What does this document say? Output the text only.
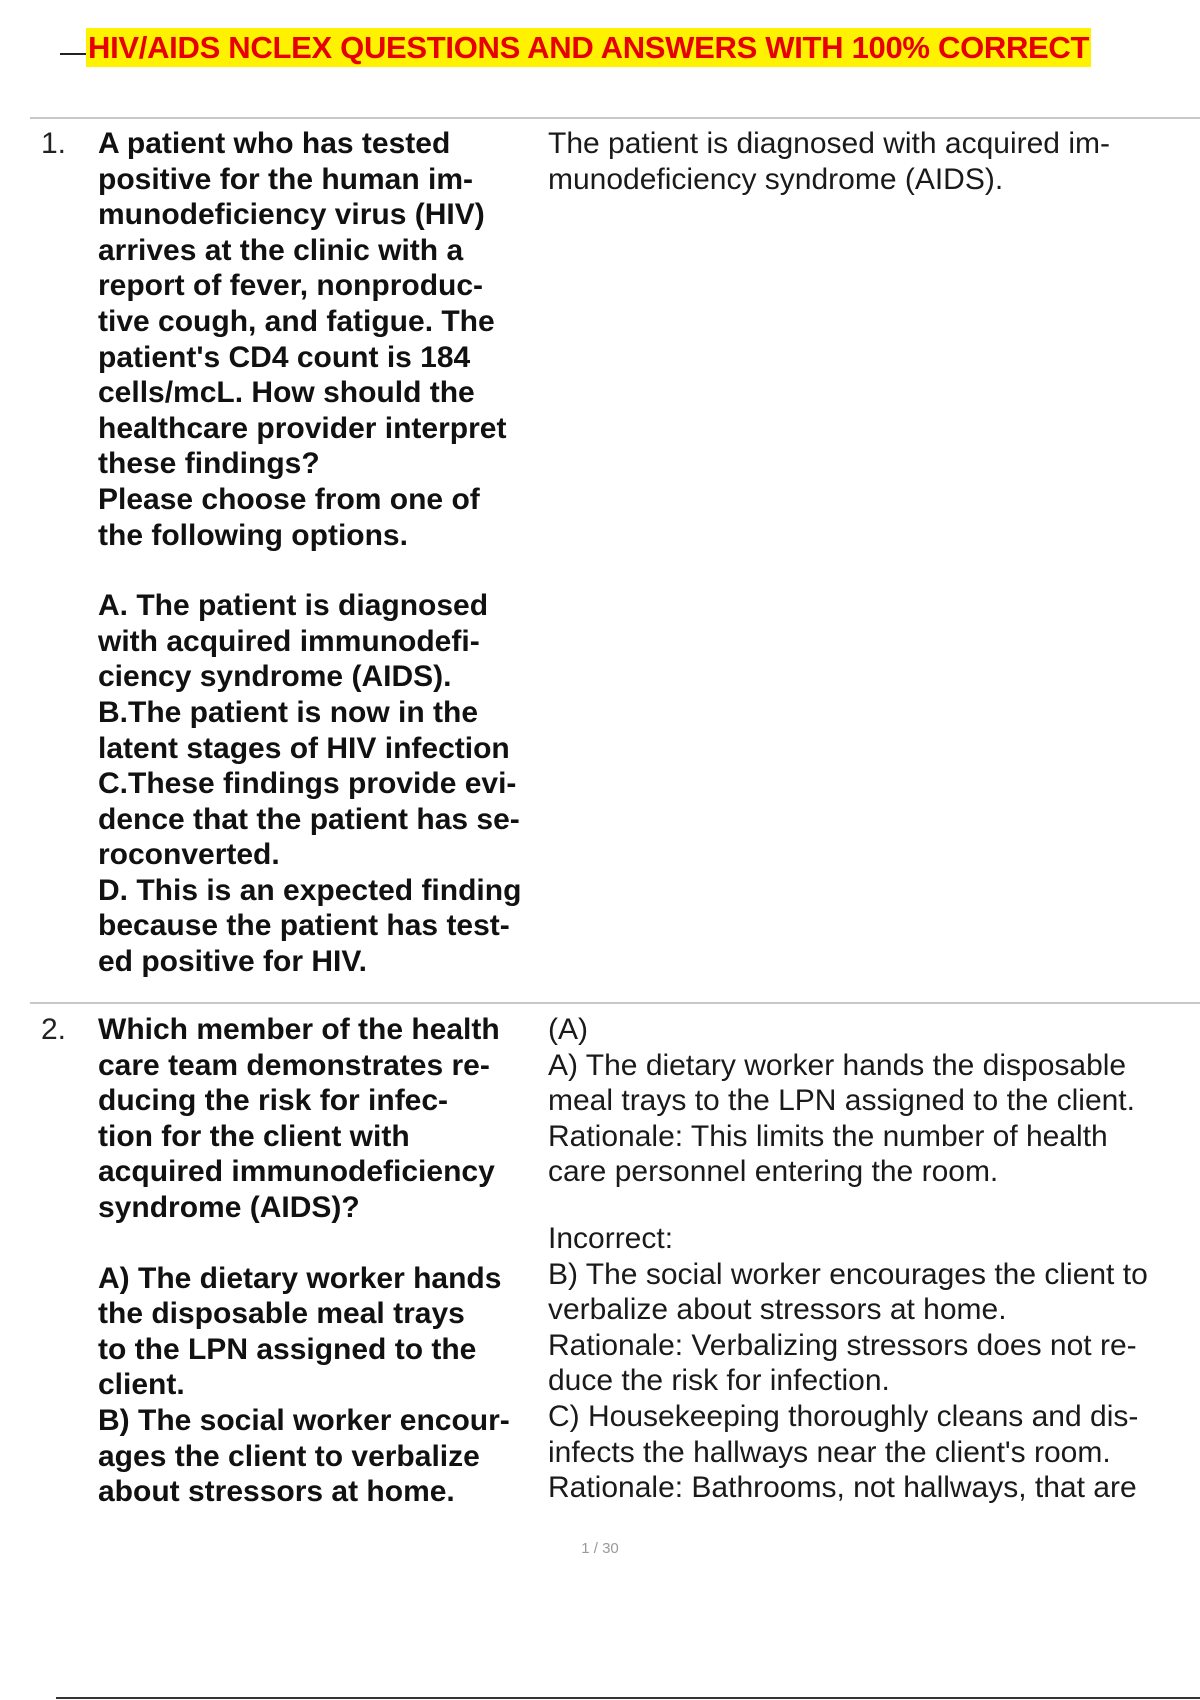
HIV/AIDS NCLEX QUESTIONS AND ANSWERS WITH 100% CORRECT
1. A patient who has tested

positive for the human im-

munodeficiency virus (HIV)

arrives at the clinic with a

report of fever, nonproduc-

tive cough, and fatigue. The

patient's CD4 count is 184

cells/mcL. How should the

healthcare provider interpret

these findings?

Please choose from one of

the following options.

A. The patient is diagnosed

with acquired immunodefi-

ciency syndrome (AIDS).

B.The patient is now in the

latent stages of HIV infection

C.These findings provide evi-

dence that the patient has se-

roconverted.

D. This is an expected finding

because the patient has test-

ed positive for HIV.

The patient is diagnosed with acquired im-

munodeficiency syndrome (AIDS).

2. Which member of the health

care team demonstrates re-

ducing the risk for infec-

tion for the client with

acquired immunodeficiency

syndrome (AIDS)?

A) The dietary worker hands

the disposable meal trays

to the LPN assigned to the

client.

B) The social worker encour-

ages the client to verbalize

about stressors at home.

(A)

A) The dietary worker hands the disposable

meal trays to the LPN assigned to the client.

Rationale: This limits the number of health

care personnel entering the room.

Incorrect:

B) The social worker encourages the client to

verbalize about stressors at home.

Rationale: Verbalizing stressors does not re-

duce the risk for infection.

C) Housekeeping thoroughly cleans and dis-

infects the hallways near the client's room.

Rationale: Bathrooms, not hallways, that are

1 / 30
